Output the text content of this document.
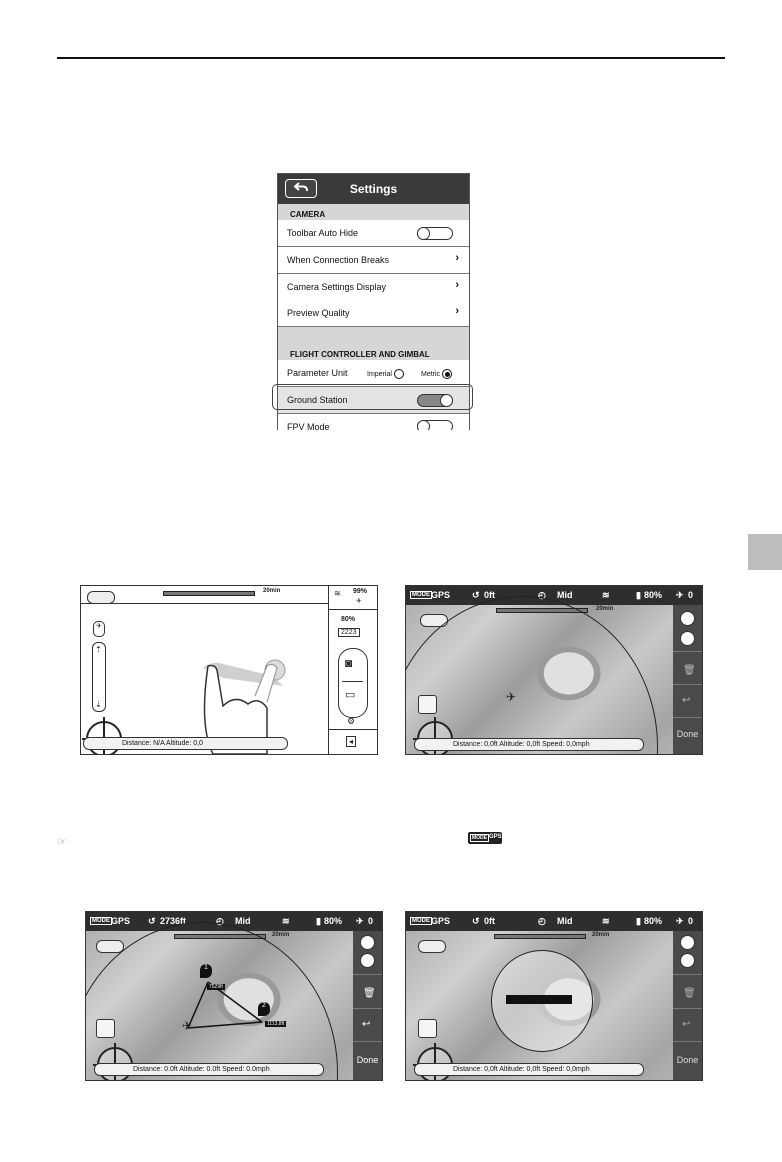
Settings
CAMERA
Toolbar Auto Hide
When Connection Breaks	›
Camera Settings Display	›
Preview Quality	›
FLIGHT CONTROLLER AND GIMBAL
Parameter Unit	Imperial	Metric
Ground Station
FPV Mode
20min	≋ 99%
✈
80%
2223
◙
▭
⚙
◂
✈
⇡
⇣
Distance: N/A Altitude: 0,0
MODE GPS ↺ 0ft	◴ Mid	≋	▮ 80% ✈ 0
20min
✈
🗑
↩
Done
Distance: 0,0ft Altitude: 0,0ft Speed: 0,0mph
☞	MODE GPS
MODE GPS ↺ 2736ft	◴ Mid	≋	▮ 80% ✈ 0
20min
1
7529ft
2
1113,8ft
✈
🗑
↩
Done
Distance: 0.0ft Altitude: 0.0ft Speed: 0.0mph
MODE GPS ↺ 0ft	◴ Mid	≋	▮ 80% ✈ 0
20min
🗑
↩
Done
Distance: 0,0ft Altitude: 0,0ft Speed: 0,0mph
